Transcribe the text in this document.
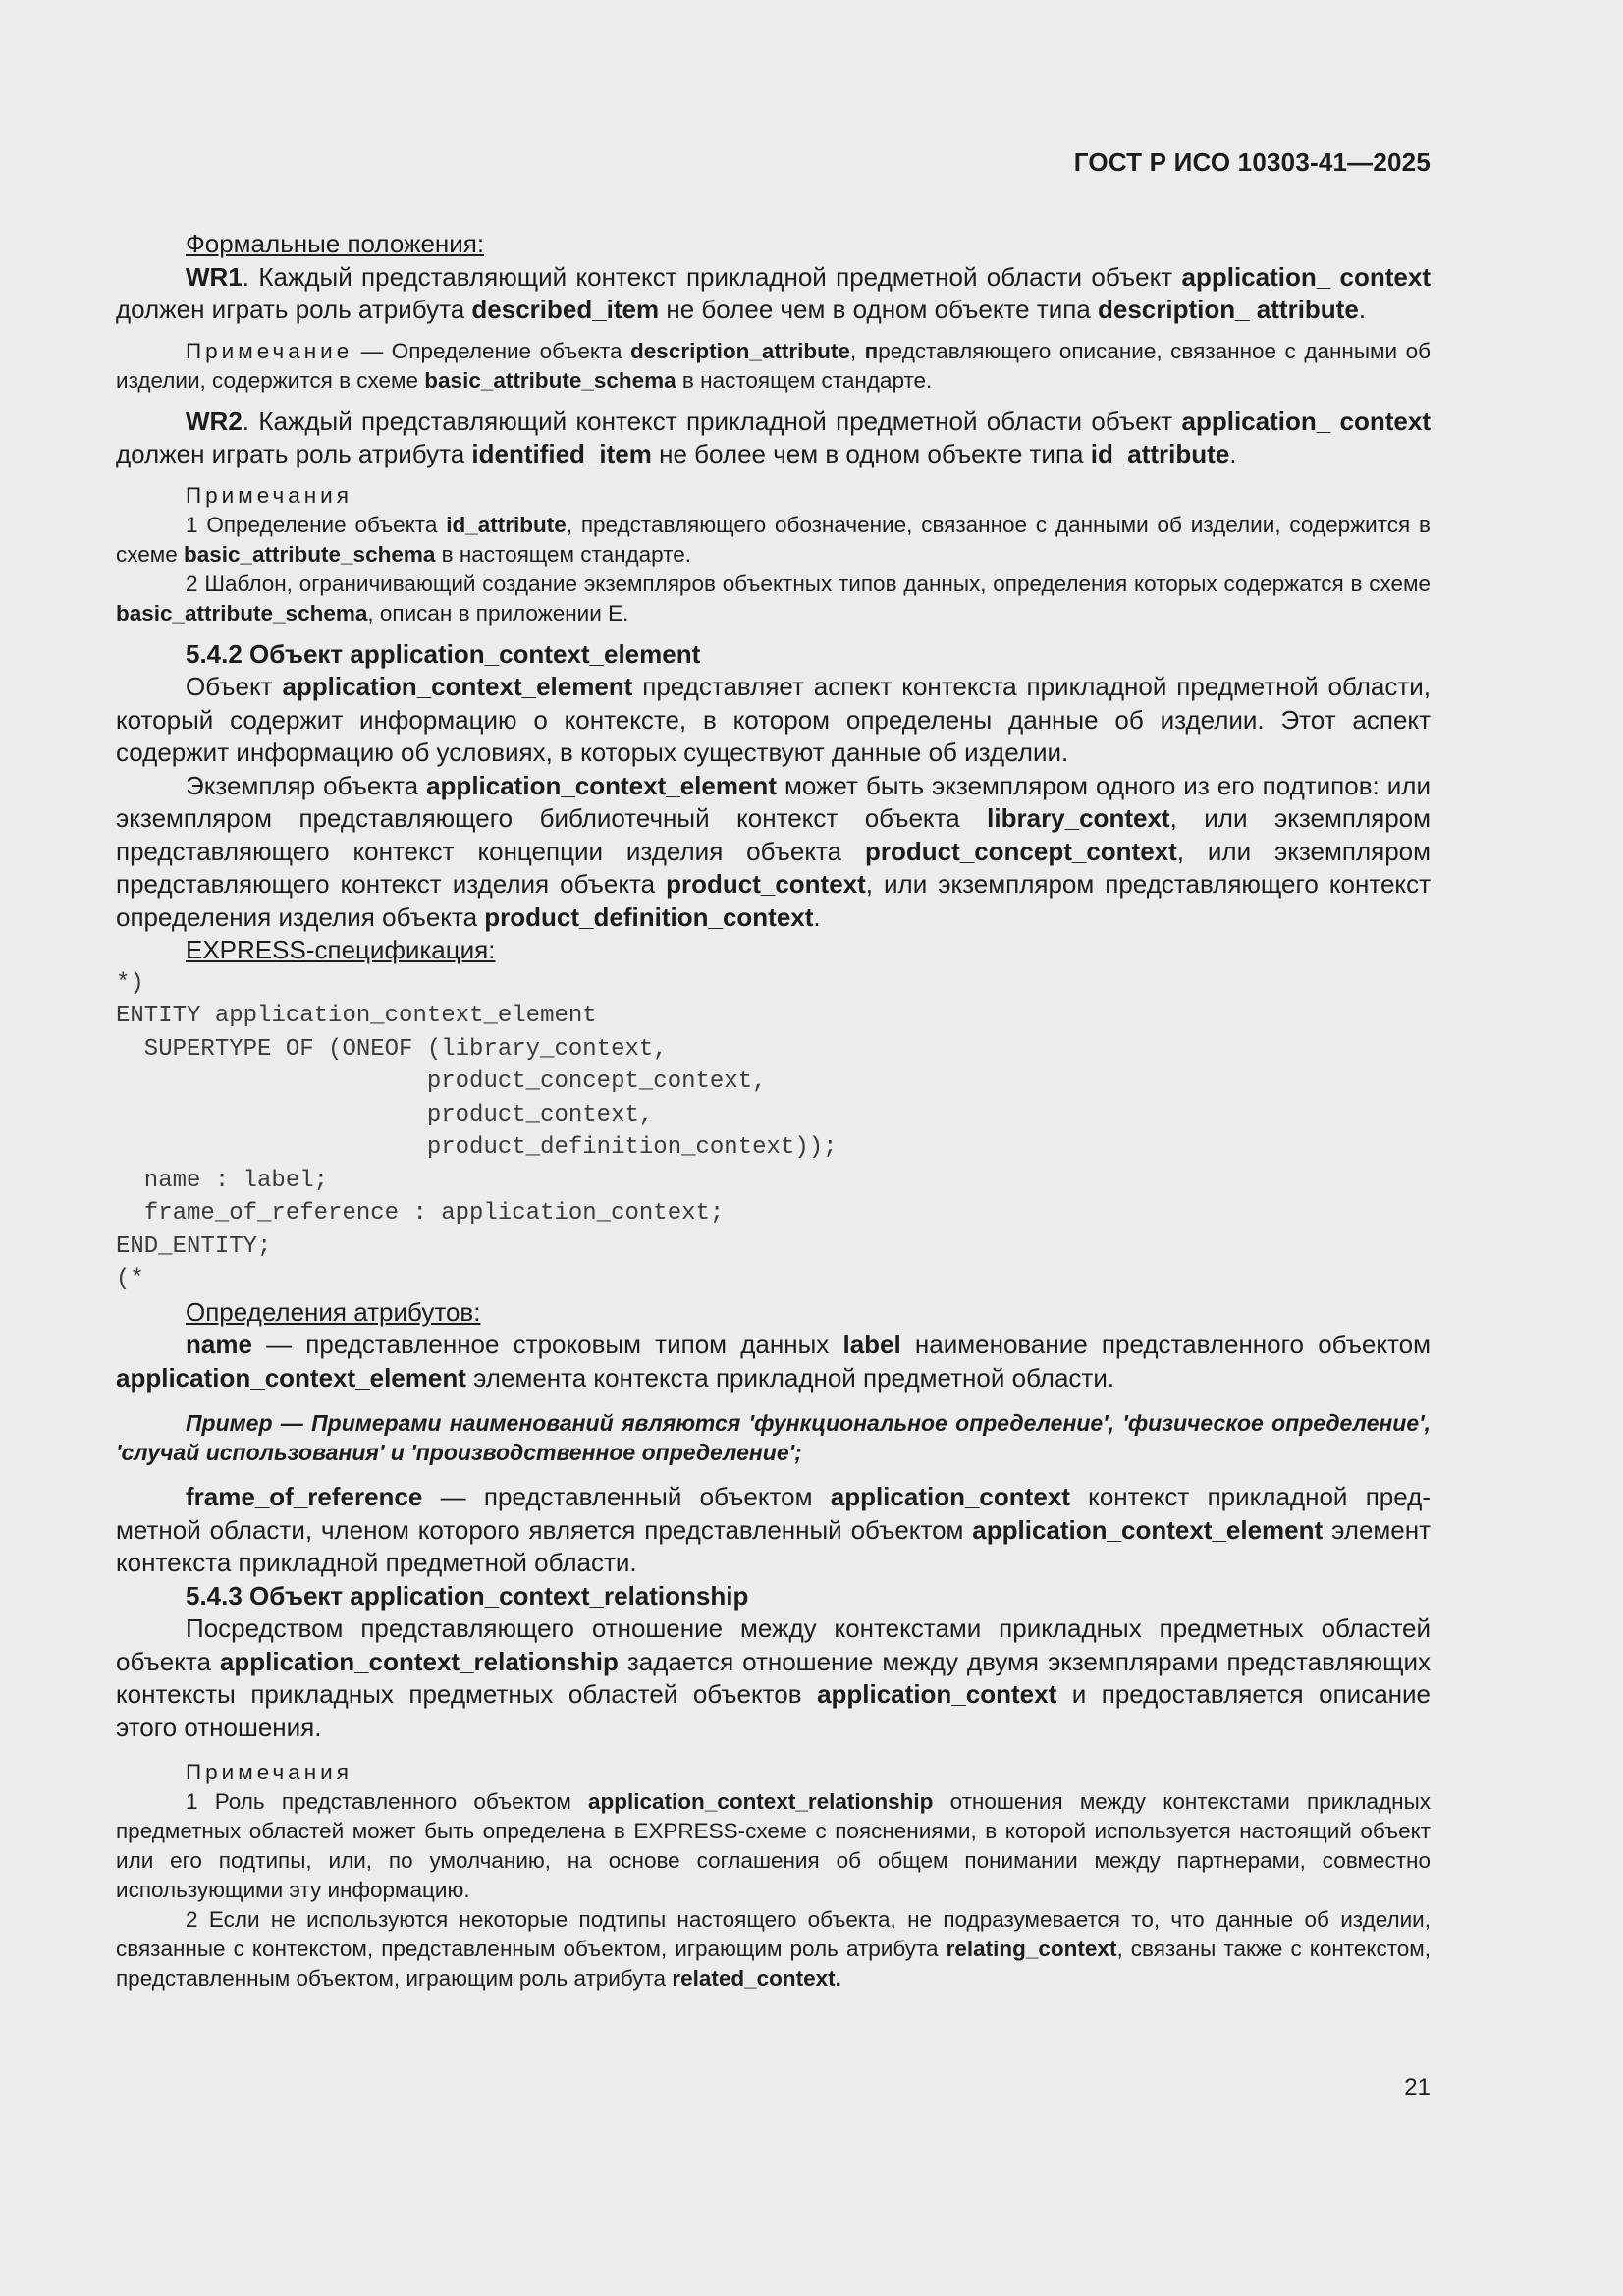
ГОСТ Р ИСО 10303-41—2025

Формальные положения:

WR1. Каждый представляющий контекст прикладной предметной области объект application_ context должен играть роль атрибута described_item не более чем в одном объекте типа description_ attribute.

Примечание — Определение объекта description_attribute, представляющего описание, связанное с данными об изделии, содержится в схеме basic_attribute_schema в настоящем стандарте.

WR2. Каждый представляющий контекст прикладной предметной области объект application_ context должен играть роль атрибута identified_item не более чем в одном объекте типа id_attribute.

Примечания

1 Определение объекта id_attribute, представляющего обозначение, связанное с данными об изделии, содержится в схеме basic_attribute_schema в настоящем стандарте.

2 Шаблон, ограничивающий создание экземпляров объектных типов данных, определения которых содержатся в схеме basic_attribute_schema, описан в приложении Е.

5.4.2 Объект application_context_element

Объект application_context_element представляет аспект контекста прикладной предметной области, который содержит информацию о контексте, в котором определены данные об изделии. Этот аспект содержит информацию об условиях, в которых существуют данные об изделии.

Экземпляр объекта application_context_element может быть экземпляром одного из его подтипов: или экземпляром представляющего библиотечный контекст объекта library_context, или экземпляром представляющего контекст концепции изделия объекта product_concept_context, или экземпляром представляющего контекст изделия объекта product_context, или экземпляром представляющего контекст определения изделия объекта product_definition_context.

EXPRESS-спецификация:

*)
ENTITY application_context_element
SUPERTYPE OF (ONEOF (library_context,
product_concept_context,
product_context,
product_definition_context));
name : label;
frame_of_reference : application_context;
END_ENTITY;
(*

Определения атрибутов:

name — представленное строковым типом данных label наименование представленного объектом application_context_element элемента контекста прикладной предметной области.

Пример — Примерами наименований являются 'функциональное определение', 'физическое определение', 'случай использования' и 'производственное определение';

frame_of_reference — представленный объектом application_context контекст прикладной предметной области, членом которого является представленный объектом application_context_element элемент контекста прикладной предметной области.

5.4.3 Объект application_context_relationship

Посредством представляющего отношение между контекстами прикладных предметных областей объекта application_context_relationship задается отношение между двумя экземплярами представляющих контексты прикладных предметных областей объектов application_context и предоставляется описание этого отношения.

Примечания

1 Роль представленного объектом application_context_relationship отношения между контекстами прикладных предметных областей может быть определена в EXPRESS-схеме с пояснениями, в которой используется настоящий объект или его подтипы, или, по умолчанию, на основе соглашения об общем понимании между партнерами, совместно использующими эту информацию.

2 Если не используются некоторые подтипы настоящего объекта, не подразумевается то, что данные об изделии, связанные с контекстом, представленным объектом, играющим роль атрибута relating_context, связаны также с контекстом, представленным объектом, играющим роль атрибута related_context.

21
